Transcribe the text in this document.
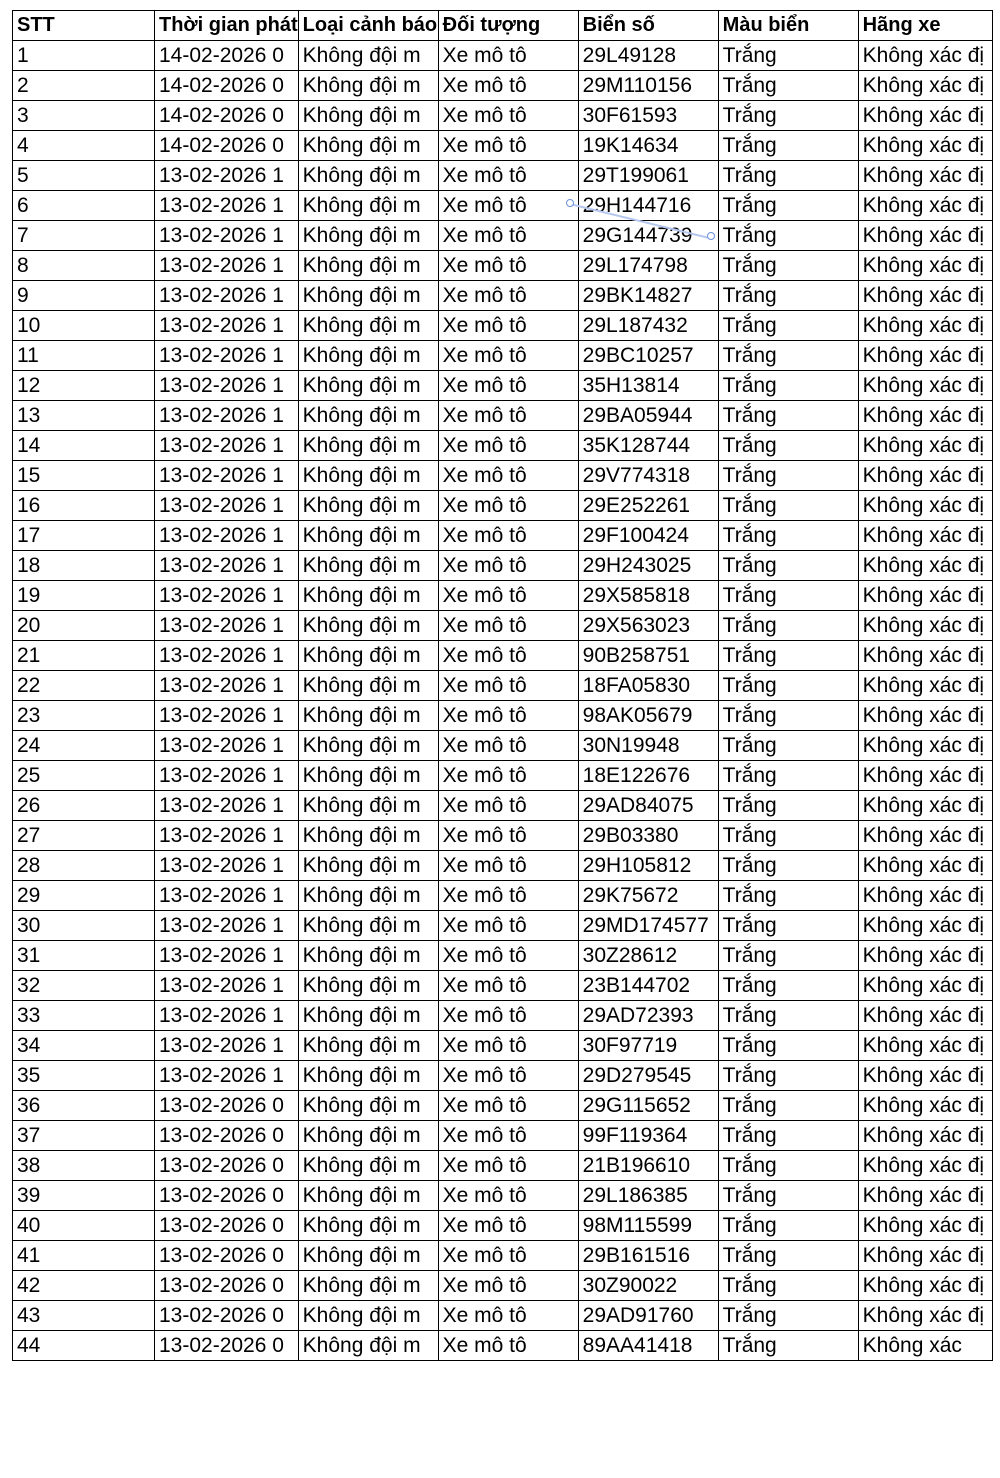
STT	Thời gian phát	Loại cảnh báo	Đối tượng	Biển số	Màu biển	Hãng xe
1	14-02-2026 0	Không đội m	Xe mô tô	29L49128	Trắng	Không xác đị
2	14-02-2026 0	Không đội m	Xe mô tô	29M110156	Trắng	Không xác đị
3	14-02-2026 0	Không đội m	Xe mô tô	30F61593	Trắng	Không xác đị
4	14-02-2026 0	Không đội m	Xe mô tô	19K14634	Trắng	Không xác đị
5	13-02-2026 1	Không đội m	Xe mô tô	29T199061	Trắng	Không xác đị
6	13-02-2026 1	Không đội m	Xe mô tô	29H144716	Trắng	Không xác đị
7	13-02-2026 1	Không đội m	Xe mô tô	29G144739	Trắng	Không xác đị
8	13-02-2026 1	Không đội m	Xe mô tô	29L174798	Trắng	Không xác đị
9	13-02-2026 1	Không đội m	Xe mô tô	29BK14827	Trắng	Không xác đị
10	13-02-2026 1	Không đội m	Xe mô tô	29L187432	Trắng	Không xác đị
11	13-02-2026 1	Không đội m	Xe mô tô	29BC10257	Trắng	Không xác đị
12	13-02-2026 1	Không đội m	Xe mô tô	35H13814	Trắng	Không xác đị
13	13-02-2026 1	Không đội m	Xe mô tô	29BA05944	Trắng	Không xác đị
14	13-02-2026 1	Không đội m	Xe mô tô	35K128744	Trắng	Không xác đị
15	13-02-2026 1	Không đội m	Xe mô tô	29V774318	Trắng	Không xác đị
16	13-02-2026 1	Không đội m	Xe mô tô	29E252261	Trắng	Không xác đị
17	13-02-2026 1	Không đội m	Xe mô tô	29F100424	Trắng	Không xác đị
18	13-02-2026 1	Không đội m	Xe mô tô	29H243025	Trắng	Không xác đị
19	13-02-2026 1	Không đội m	Xe mô tô	29X585818	Trắng	Không xác đị
20	13-02-2026 1	Không đội m	Xe mô tô	29X563023	Trắng	Không xác đị
21	13-02-2026 1	Không đội m	Xe mô tô	90B258751	Trắng	Không xác đị
22	13-02-2026 1	Không đội m	Xe mô tô	18FA05830	Trắng	Không xác đị
23	13-02-2026 1	Không đội m	Xe mô tô	98AK05679	Trắng	Không xác đị
24	13-02-2026 1	Không đội m	Xe mô tô	30N19948	Trắng	Không xác đị
25	13-02-2026 1	Không đội m	Xe mô tô	18E122676	Trắng	Không xác đị
26	13-02-2026 1	Không đội m	Xe mô tô	29AD84075	Trắng	Không xác đị
27	13-02-2026 1	Không đội m	Xe mô tô	29B03380	Trắng	Không xác đị
28	13-02-2026 1	Không đội m	Xe mô tô	29H105812	Trắng	Không xác đị
29	13-02-2026 1	Không đội m	Xe mô tô	29K75672	Trắng	Không xác đị
30	13-02-2026 1	Không đội m	Xe mô tô	29MD174577	Trắng	Không xác đị
31	13-02-2026 1	Không đội m	Xe mô tô	30Z28612	Trắng	Không xác đị
32	13-02-2026 1	Không đội m	Xe mô tô	23B144702	Trắng	Không xác đị
33	13-02-2026 1	Không đội m	Xe mô tô	29AD72393	Trắng	Không xác đị
34	13-02-2026 1	Không đội m	Xe mô tô	30F97719	Trắng	Không xác đị
35	13-02-2026 1	Không đội m	Xe mô tô	29D279545	Trắng	Không xác đị
36	13-02-2026 0	Không đội m	Xe mô tô	29G115652	Trắng	Không xác đị
37	13-02-2026 0	Không đội m	Xe mô tô	99F119364	Trắng	Không xác đị
38	13-02-2026 0	Không đội m	Xe mô tô	21B196610	Trắng	Không xác đị
39	13-02-2026 0	Không đội m	Xe mô tô	29L186385	Trắng	Không xác đị
40	13-02-2026 0	Không đội m	Xe mô tô	98M115599	Trắng	Không xác đị
41	13-02-2026 0	Không đội m	Xe mô tô	29B161516	Trắng	Không xác đị
42	13-02-2026 0	Không đội m	Xe mô tô	30Z90022	Trắng	Không xác đị
43	13-02-2026 0	Không đội m	Xe mô tô	29AD91760	Trắng	Không xác đị
44	13-02-2026 0	Không đội m	Xe mô tô	89AA41418	Trắng	Không xác
